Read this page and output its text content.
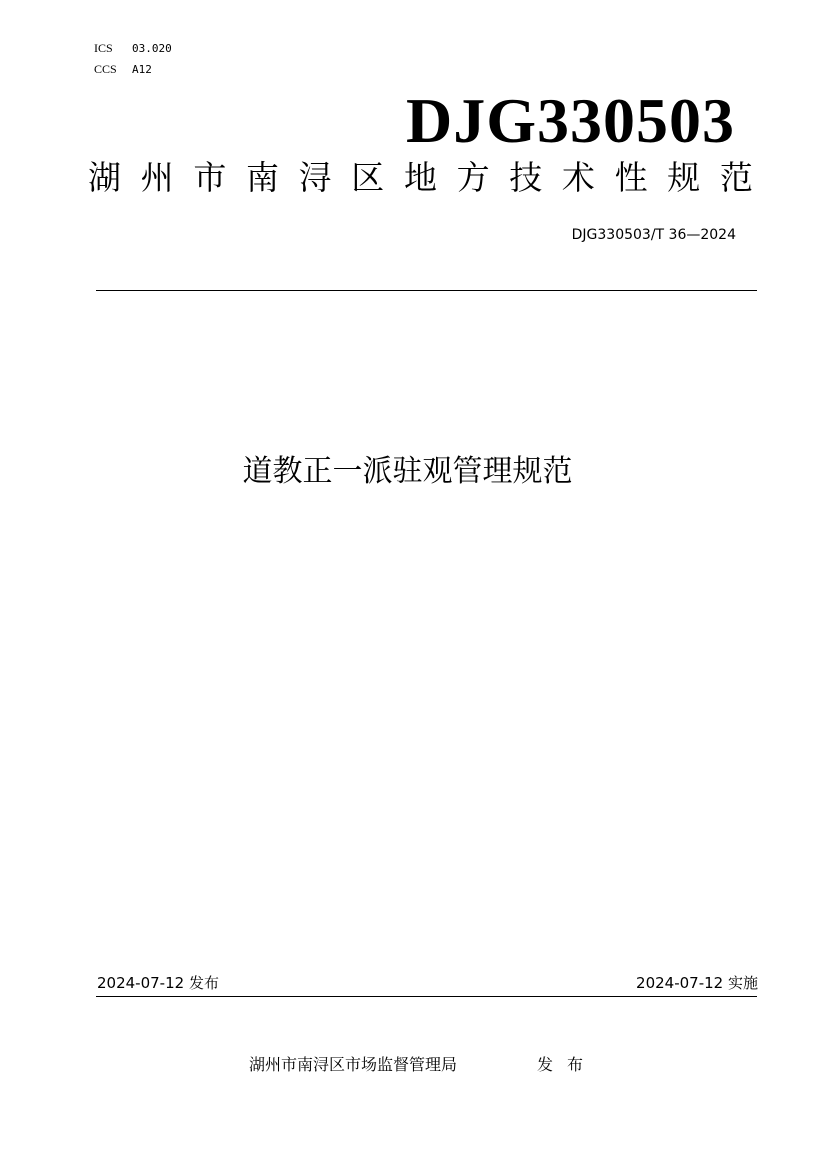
ICS 03.020
CCS A12
DJG330503
湖 州 市 南 浔 区 地 方 技 术 性 规 范
DJG330503/T 36—2024
道教正一派驻观管理规范
2024-07-12 发布	2024-07-12 实施
湖州市南浔区市场监督管理局	发布
